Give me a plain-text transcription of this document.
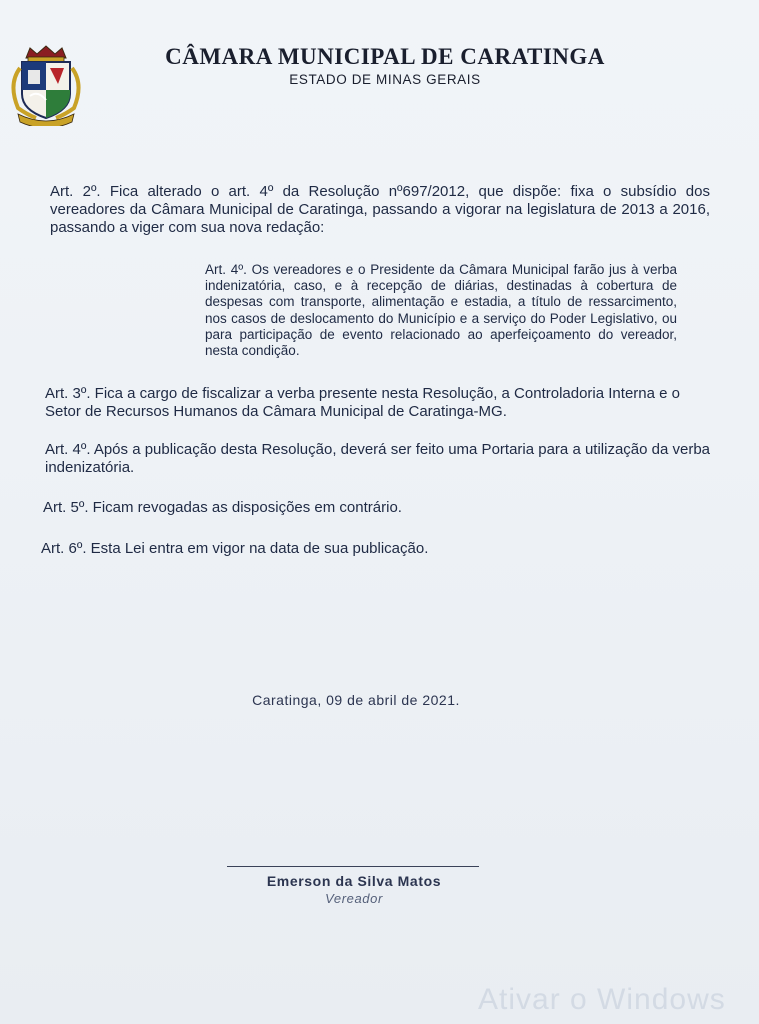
CÂMARA MUNICIPAL DE CARATINGA
ESTADO DE MINAS GERAIS
Art. 2º. Fica alterado o art. 4º da Resolução nº697/2012, que dispõe: fixa o subsídio dos vereadores da Câmara Municipal de Caratinga, passando a vigorar na legislatura de 2013 a 2016, passando a viger com sua nova redação:
Art. 4º. Os vereadores e o Presidente da Câmara Municipal farão jus à verba indenizatória, caso, e à recepção de diárias, destinadas à cobertura de despesas com transporte, alimentação e estadia, a título de ressarcimento, nos casos de deslocamento do Município e a serviço do Poder Legislativo, ou para participação de evento relacionado ao aperfeiçoamento do vereador, nesta condição.
Art. 3º. Fica a cargo de fiscalizar a verba presente nesta Resolução, a Controladoria Interna e o Setor de Recursos Humanos da Câmara Municipal de Caratinga-MG.
Art. 4º. Após a publicação desta Resolução, deverá ser feito uma Portaria para a utilização da verba indenizatória.
Art. 5º. Ficam revogadas as disposições em contrário.
Art. 6º. Esta Lei entra em vigor na data de sua publicação.
Caratinga, 09 de abril de 2021.
Emerson da Silva Matos
Vereador
Ativar o Windows
